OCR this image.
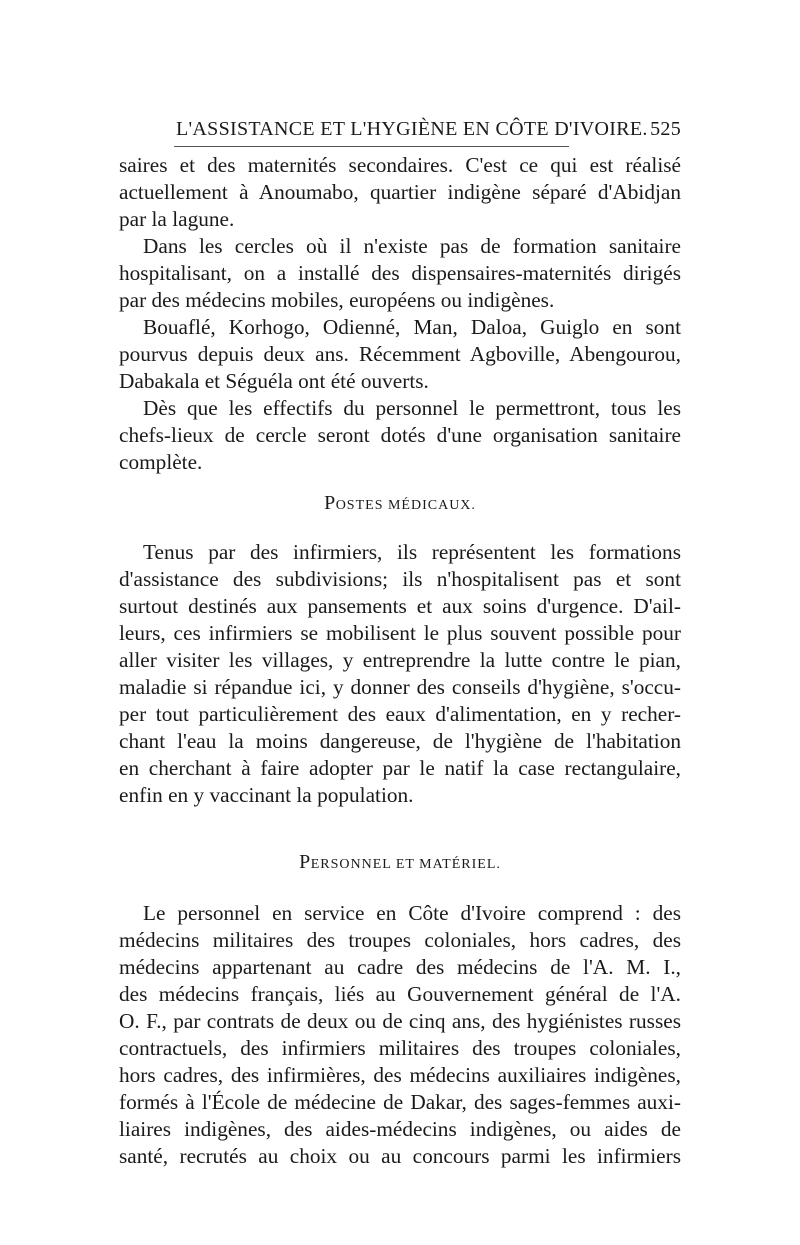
L'ASSISTANCE ET L'HYGIÈNE EN CÔTE D'IVOIRE. 525

saires et des maternités secondaires. C'est ce qui est réalisé
actuellement à Anoumabo, quartier indigène séparé d'Abidjan
par la lagune.

Dans les cercles où il n'existe pas de formation sanitaire
hospitalisant, on a installé des dispensaires-maternités dirigés
par des médecins mobiles, européens ou indigènes.

Bouaflé, Korhogo, Odienné, Man, Daloa, Guiglo en sont
pourvus depuis deux ans. Récemment Agboville, Abengourou,
Dabakala et Séguéla ont été ouverts.

Dès que les effectifs du personnel le permettront, tous les
chefs-lieux de cercle seront dotés d'une organisation sanitaire
complète.

POSTES MÉDICAUX.

Tenus par des infirmiers, ils représentent les formations
d'assistance des subdivisions; ils n'hospitalisent pas et sont
surtout destinés aux pansements et aux soins d'urgence. D'ail-
leurs, ces infirmiers se mobilisent le plus souvent possible pour
aller visiter les villages, y entreprendre la lutte contre le pian,
maladie si répandue ici, y donner des conseils d'hygiène, s'occu-
per tout particulièrement des eaux d'alimentation, en y recher-
chant l'eau la moins dangereuse, de l'hygiène de l'habitation
en cherchant à faire adopter par le natif la case rectangulaire,
enfin en y vaccinant la population.

PERSONNEL ET MATÉRIEL.

Le personnel en service en Côte d'Ivoire comprend : des
médecins militaires des troupes coloniales, hors cadres, des
médecins appartenant au cadre des médecins de l'A. M. I.,
des médecins français, liés au Gouvernement général de l'A.
O. F., par contrats de deux ou de cinq ans, des hygiénistes russes
contractuels, des infirmiers militaires des troupes coloniales,
hors cadres, des infirmières, des médecins auxiliaires indigènes,
formés à l'École de médecine de Dakar, des sages-femmes auxi-
liaires indigènes, des aides-médecins indigènes, ou aides de
santé, recrutés au choix ou au concours parmi les infirmiers
